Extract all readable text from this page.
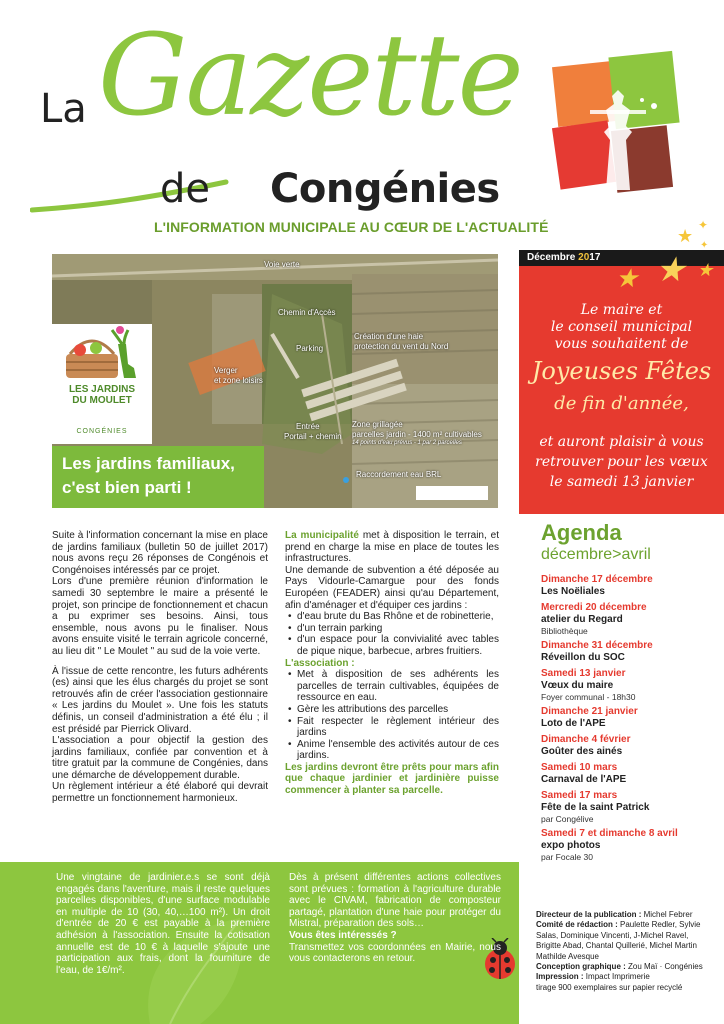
La Gazette
de Congénies
L'INFORMATION MUNICIPALE AU CŒUR DE L'ACTUALITÉ
Décembre 2017
★
✦
✦
★ ★ ★
Le maire et
le conseil municipal
vous souhaitent de
Joyeuses Fêtes
de fin d'année,
et auront plaisir à vous
retrouver pour les vœux
le samedi 13 janvier
Voie verte
Chemin d'Accès
Création d'une haie
protection du vent du Nord
Parking
Verger
et zone loisirs
Entrée
Portail + chemin
Zone grillagée
parcelles jardin - 1400 m² cultivables
14 points d'eau prévus - 1 par 2 parcelles
Raccordement eau BRL
LES JARDINS
DU MOULET
CONGÉNIES
Les jardins familiaux,
c'est bien parti !

Suite à l'information concernant la mise en place de jardins familiaux (bulletin 50 de juillet 2017) nous avons reçu 26 réponses de Congénois et Congénoises intéressés par ce projet.

Lors d'une première réunion d'information le samedi 30 septembre le maire a présenté le projet, son principe de fonctionnement et chacun a pu exprimer ses besoins. Ainsi, tous ensemble, nous avons pu le finaliser. Nous avons ensuite visité le terrain agricole concerné, au lieu dit " Le Moulet " au sud de la voie verte.

À l'issue de cette rencontre, les futurs adhérents (es) ainsi que les élus chargés du projet se sont retrouvés afin de créer l'association gestionnaire « Les jardins du Moulet ». Une fois les statuts définis, un conseil d'administration a été élu ; il est présidé par Pierrick Olivard.

L'association a pour objectif la gestion des jardins familiaux, confiée par convention et à titre gratuit par la commune de Congénies, dans une démarche de développement durable.

Un règlement intérieur a été élaboré qui devrait permettre un fonctionnement harmonieux.

La municipalité met à disposition le terrain, et prend en charge la mise en place de toutes les infrastructures.

Une demande de subvention a été déposée au Pays Vidourle-Camargue pour des fonds Européen (FEADER) ainsi qu'au Département, afin d'aménager et d'équiper ces jardins :

• d'eau brute du Bas Rhône et de robinetterie,
• d'un terrain parking
• d'un espace pour la convivialité avec tables de pique nique, barbecue, arbres fruitiers.

L'association :

• Met à disposition de ses adhérents les parcelles de terrain cultivables, équipées de ressource en eau.
• Gère les attributions des parcelles
• Fait respecter le règlement intérieur des jardins
• Anime l'ensemble des activités autour de ces jardins.

Les jardins devront être prêts pour mars afin que chaque jardinier et jardinière puisse commencer à planter sa parcelle.

Agenda
décembre>avril
Dimanche 17 décembre
Les Noëliales
Mercredi 20 décembre
atelier du Regard
Bibliothèque
Dimanche 31 décembre
Réveillon du SOC
Samedi 13 janvier
Vœux du maire
Foyer communal - 18h30
Dimanche 21 janvier
Loto de l'APE
Dimanche 4 février
Goûter des ainés
Samedi 10 mars
Carnaval de l'APE
Samedi 17 mars
Fête de la saint Patrick
par Congélive
Samedi 7 et dimanche 8 avril
expo photos
par Focale 30
Une vingtaine de jardinier.e.s se sont déjà engagés dans l'aventure, mais il reste quelques parcelles disponibles, d'une surface modulable en multiple de 10 (30, 40,…100 m²). Un droit d'entrée de 20 € est payable à la première adhésion à l'association. Ensuite la cotisation annuelle est de 10 € à laquelle s'ajoute une participation aux frais, dont la fourniture de l'eau, de 1€/m².

Dès à présent différentes actions collectives sont prévues : formation à l'agriculture durable avec le CIVAM, fabrication de composteur partagé, plantation d'une haie pour protéger du Mistral, préparation des sols…

Vous êtes intéressés ?

Transmettez vos coordonnées en Mairie, nous vous contacterons en retour.

Directeur de la publication : Michel Febrer
Comité de rédaction : Paulette Redler, Sylvie Salas, Dominique Vincenti, J-Michel Ravel, Brigitte Abad, Chantal Quillerié, Michel Martin Mathilde Avesque
Conception graphique : Zou Maï · Congénies
Impression : Impact Imprimerie
tirage 900 exemplaires sur papier recyclé
